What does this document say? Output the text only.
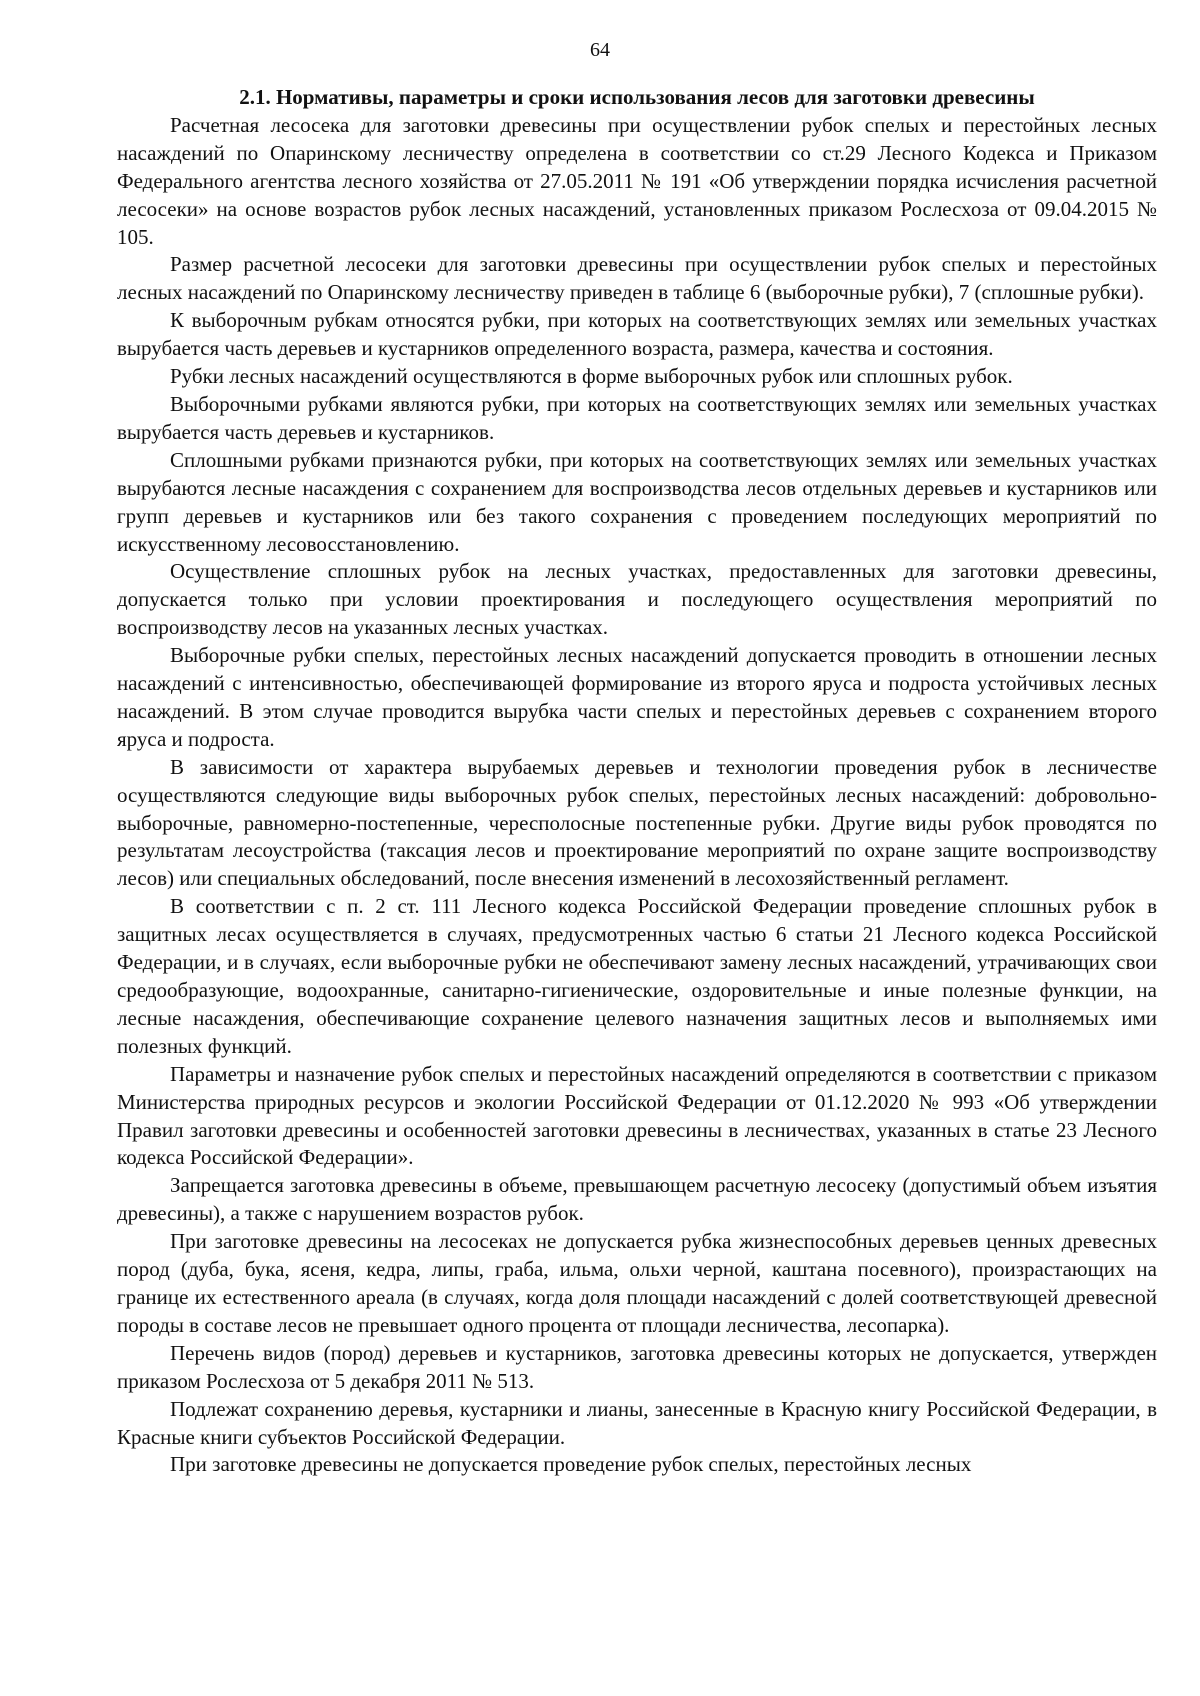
64

2.1. Нормативы, параметры и сроки использования лесов для заготовки древесины

Расчетная лесосека для заготовки древесины при осуществлении рубок спелых и перестойных лесных насаждений по Опаринскому лесничеству определена в соответствии со ст.29 Лесного Кодекса и Приказом Федерального агентства лесного хозяйства от 27.05.2011 № 191 «Об утверждении порядка исчисления расчетной лесосеки» на основе возрастов рубок лесных насаждений, установленных приказом Рослесхоза от 09.04.2015 № 105.

Размер расчетной лесосеки для заготовки древесины при осуществлении рубок спелых и перестойных лесных насаждений по Опаринскому лесничеству приведен в таблице 6 (выборочные рубки), 7 (сплошные рубки).

К выборочным рубкам относятся рубки, при которых на соответствующих землях или земельных участках вырубается часть деревьев и кустарников определенного возраста, размера, качества и состояния.

Рубки лесных насаждений осуществляются в форме выборочных рубок или сплошных рубок.

Выборочными рубками являются рубки, при которых на соответствующих землях или земельных участках вырубается часть деревьев и кустарников.

Сплошными рубками признаются рубки, при которых на соответствующих землях или земельных участках вырубаются лесные насаждения с сохранением для воспроизводства лесов отдельных деревьев и кустарников или групп деревьев и кустарников или без такого сохранения с проведением последующих мероприятий по искусственному лесовосстановлению.

Осуществление сплошных рубок на лесных участках, предоставленных для заготовки древесины, допускается только при условии проектирования и последующего осуществления мероприятий по воспроизводству лесов на указанных лесных участках.

Выборочные рубки спелых, перестойных лесных насаждений допускается проводить в отношении лесных насаждений с интенсивностью, обеспечивающей формирование из второго яруса и подроста устойчивых лесных насаждений. В этом случае проводится вырубка части спелых и перестойных деревьев с сохранением второго яруса и подроста.

В зависимости от характера вырубаемых деревьев и технологии проведения рубок в лесничестве осуществляются следующие виды выборочных рубок спелых, перестойных лесных насаждений: добровольно-выборочные, равномерно-постепенные, чересполосные постепенные рубки. Другие виды рубок проводятся по результатам лесоустройства (таксация лесов и проектирование мероприятий по охране защите воспроизводству лесов) или специальных обследований, после внесения изменений в лесохозяйственный регламент.

В соответствии с п. 2 ст. 111 Лесного кодекса Российской Федерации проведение сплошных рубок в защитных лесах осуществляется в случаях, предусмотренных частью 6 статьи 21 Лесного кодекса Российской Федерации, и в случаях, если выборочные рубки не обеспечивают замену лесных насаждений, утрачивающих свои средообразующие, водоохранные, санитарно-гигиенические, оздоровительные и иные полезные функции, на лесные насаждения, обеспечивающие сохранение целевого назначения защитных лесов и выполняемых ими полезных функций.

Параметры и назначение рубок спелых и перестойных насаждений определяются в соответствии с приказом Министерства природных ресурсов и экологии Российской Федерации от 01.12.2020 № 993 «Об утверждении Правил заготовки древесины и особенностей заготовки древесины в лесничествах, указанных в статье 23 Лесного кодекса Российской Федерации».

Запрещается заготовка древесины в объеме, превышающем расчетную лесосеку (допустимый объем изъятия древесины), а также с нарушением возрастов рубок.

При заготовке древесины на лесосеках не допускается рубка жизнеспособных деревьев ценных древесных пород (дуба, бука, ясеня, кедра, липы, граба, ильма, ольхи черной, каштана посевного), произрастающих на границе их естественного ареала (в случаях, когда доля площади насаждений с долей соответствующей древесной породы в составе лесов не превышает одного процента от площади лесничества, лесопарка).

Перечень видов (пород) деревьев и кустарников, заготовка древесины которых не допускается, утвержден приказом Рослесхоза от 5 декабря 2011 № 513.

Подлежат сохранению деревья, кустарники и лианы, занесенные в Красную книгу Российской Федерации, в Красные книги субъектов Российской Федерации.

При заготовке древесины не допускается проведение рубок спелых, перестойных лесных
